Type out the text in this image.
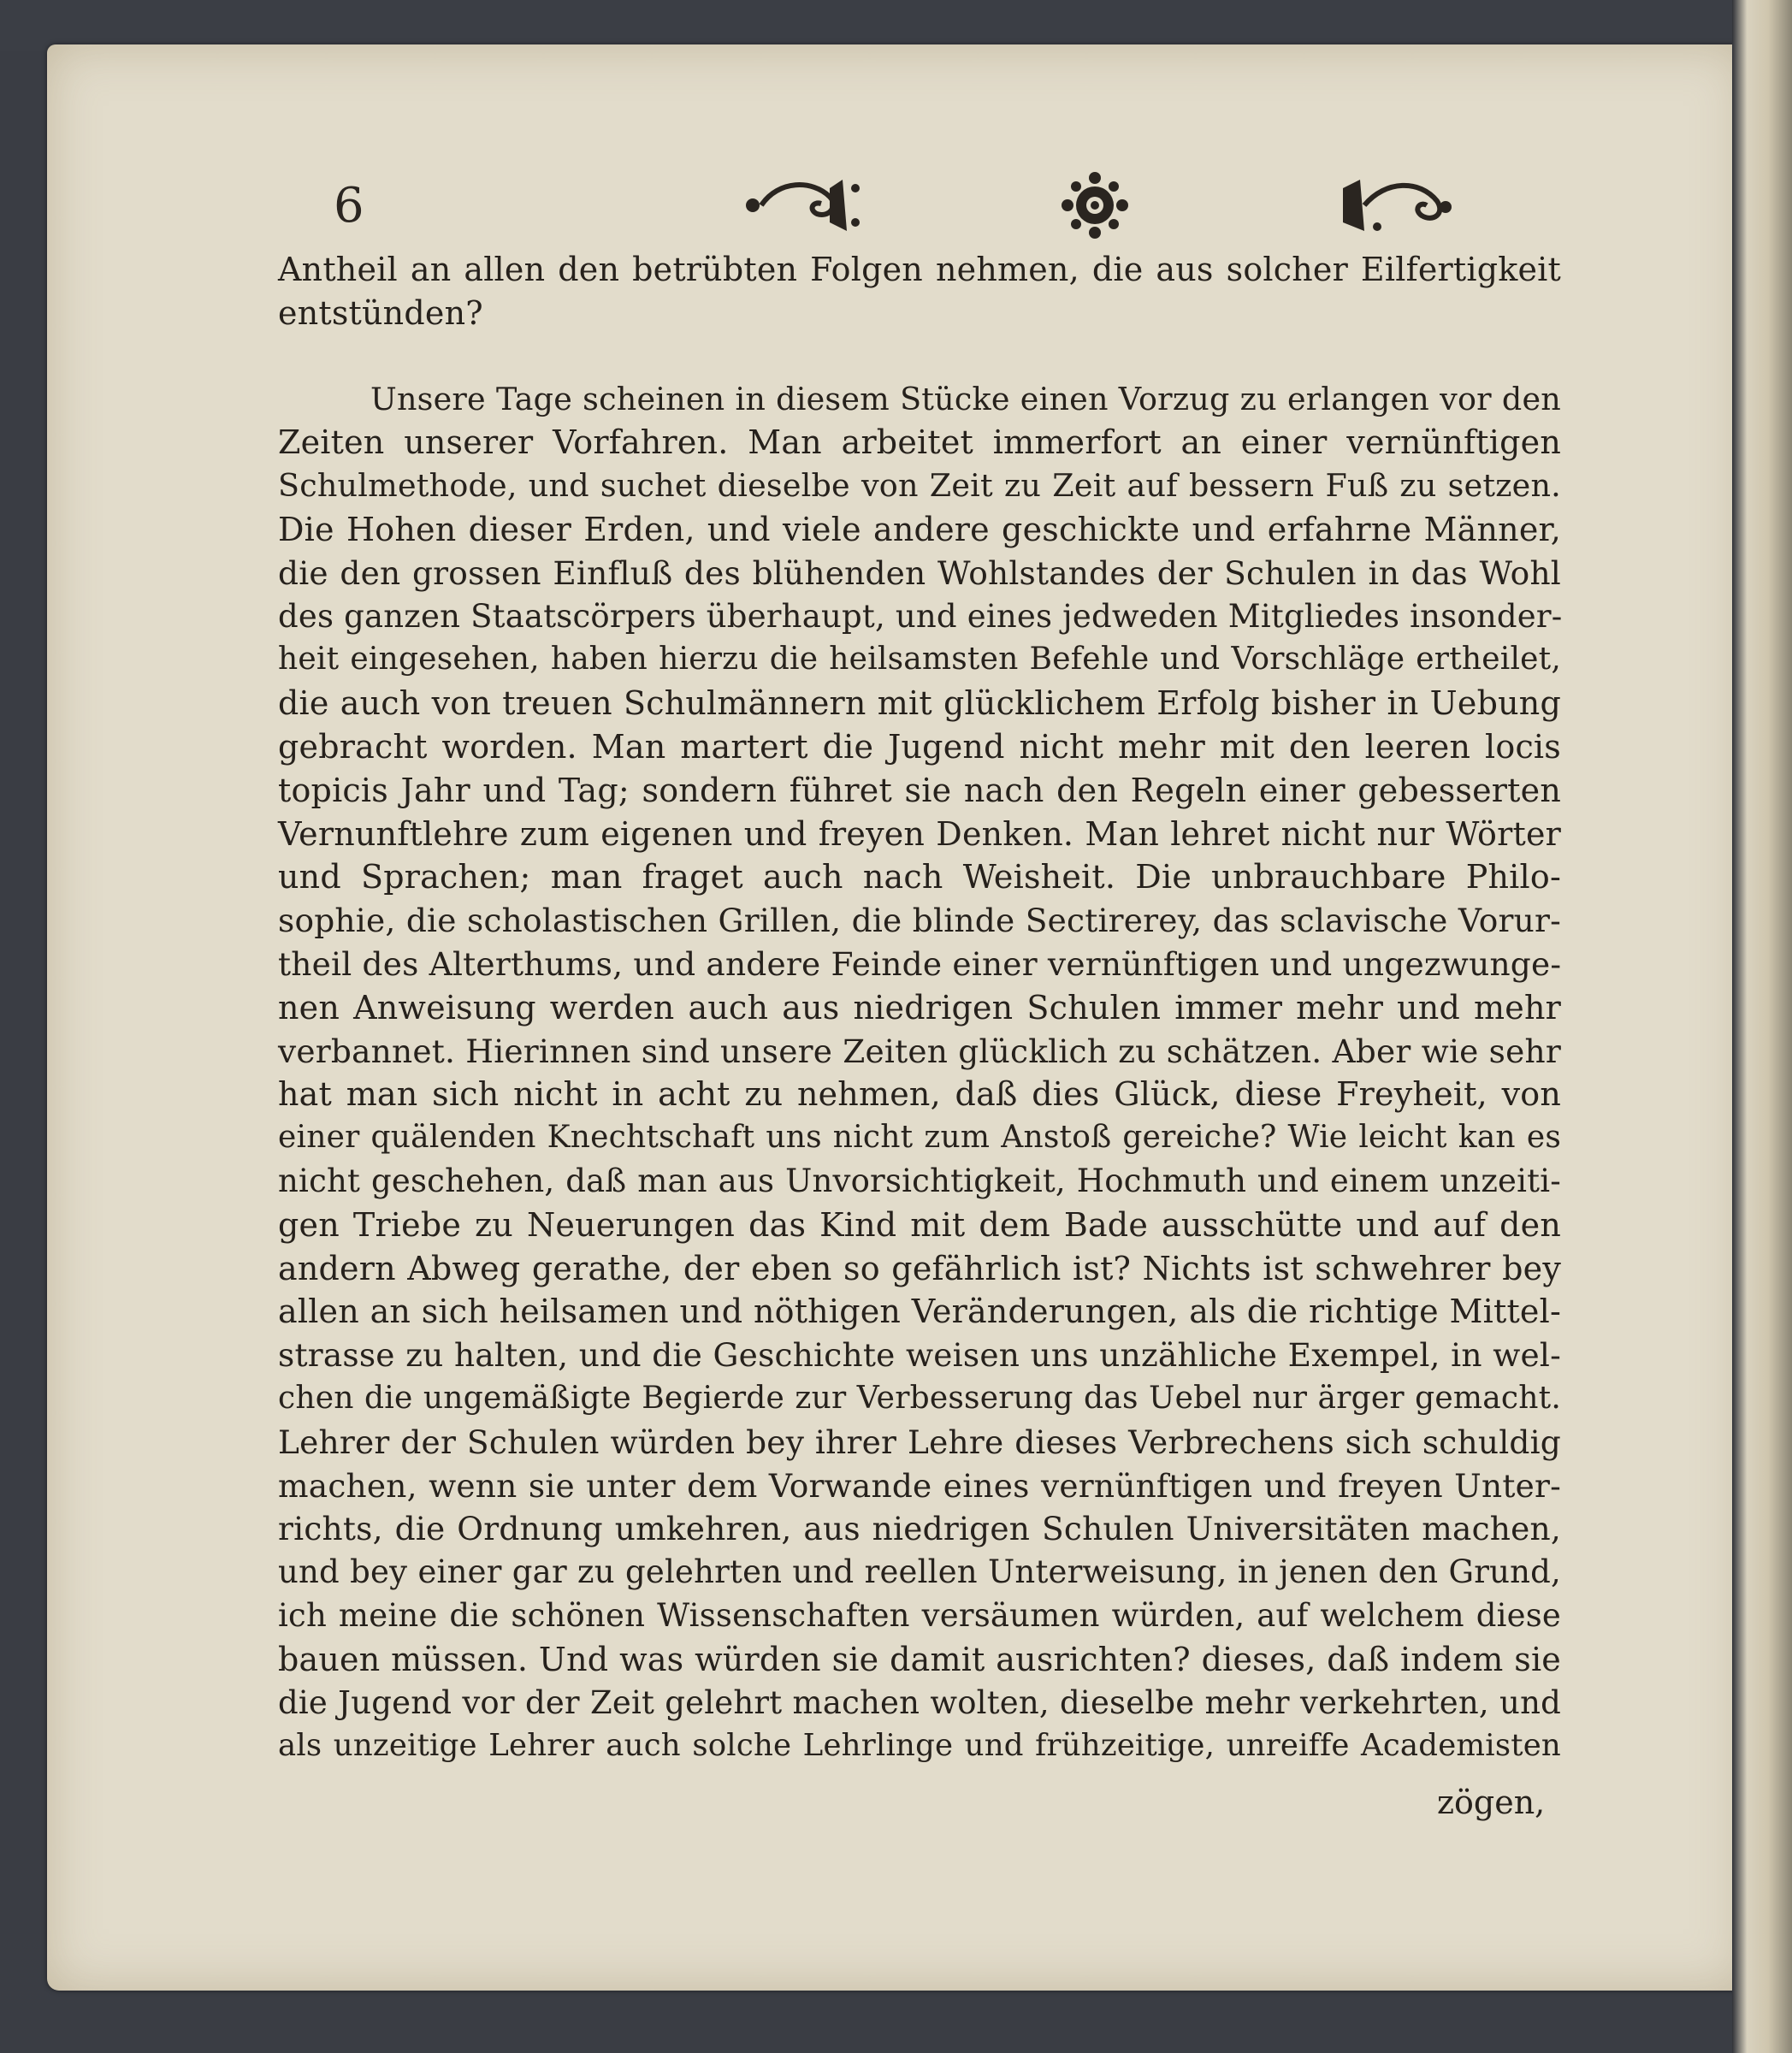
6
Antheil an allen den betrübten Folgen nehmen, die aus solcher Eilfertigkeit
entstünden?
Unsere Tage scheinen in diesem Stücke einen Vorzug zu erlangen vor den
Zeiten unserer Vorfahren. Man arbeitet immerfort an einer vernünftigen
Schulmethode, und suchet dieselbe von Zeit zu Zeit auf bessern Fuß zu setzen.
Die Hohen dieser Erden, und viele andere geschickte und erfahrne Männer,
die den grossen Einfluß des blühenden Wohlstandes der Schulen in das Wohl
des ganzen Staatscörpers überhaupt, und eines jedweden Mitgliedes insonder-
heit eingesehen, haben hierzu die heilsamsten Befehle und Vorschläge ertheilet,
die auch von treuen Schulmännern mit glücklichem Erfolg bisher in Uebung
gebracht worden. Man martert die Jugend nicht mehr mit den leeren locis
topicis Jahr und Tag; sondern führet sie nach den Regeln einer gebesserten
Vernunftlehre zum eigenen und freyen Denken. Man lehret nicht nur Wörter
und Sprachen; man fraget auch nach Weisheit. Die unbrauchbare Philo-
sophie, die scholastischen Grillen, die blinde Sectirerey, das sclavische Vorur-
theil des Alterthums, und andere Feinde einer vernünftigen und ungezwunge-
nen Anweisung werden auch aus niedrigen Schulen immer mehr und mehr
verbannet. Hierinnen sind unsere Zeiten glücklich zu schätzen. Aber wie sehr
hat man sich nicht in acht zu nehmen, daß dies Glück, diese Freyheit, von
einer quälenden Knechtschaft uns nicht zum Anstoß gereiche? Wie leicht kan es
nicht geschehen, daß man aus Unvorsichtigkeit, Hochmuth und einem unzeiti-
gen Triebe zu Neuerungen das Kind mit dem Bade ausschütte und auf den
andern Abweg gerathe, der eben so gefährlich ist? Nichts ist schwehrer bey
allen an sich heilsamen und nöthigen Veränderungen, als die richtige Mittel-
strasse zu halten, und die Geschichte weisen uns unzähliche Exempel, in wel-
chen die ungemäßigte Begierde zur Verbesserung das Uebel nur ärger gemacht.
Lehrer der Schulen würden bey ihrer Lehre dieses Verbrechens sich schuldig
machen, wenn sie unter dem Vorwande eines vernünftigen und freyen Unter-
richts, die Ordnung umkehren, aus niedrigen Schulen Universitäten machen,
und bey einer gar zu gelehrten und reellen Unterweisung, in jenen den Grund,
ich meine die schönen Wissenschaften versäumen würden, auf welchem diese
bauen müssen. Und was würden sie damit ausrichten? dieses, daß indem sie
die Jugend vor der Zeit gelehrt machen wolten, dieselbe mehr verkehrten, und
als unzeitige Lehrer auch solche Lehrlinge und frühzeitige, unreiffe Academisten
zögen,
